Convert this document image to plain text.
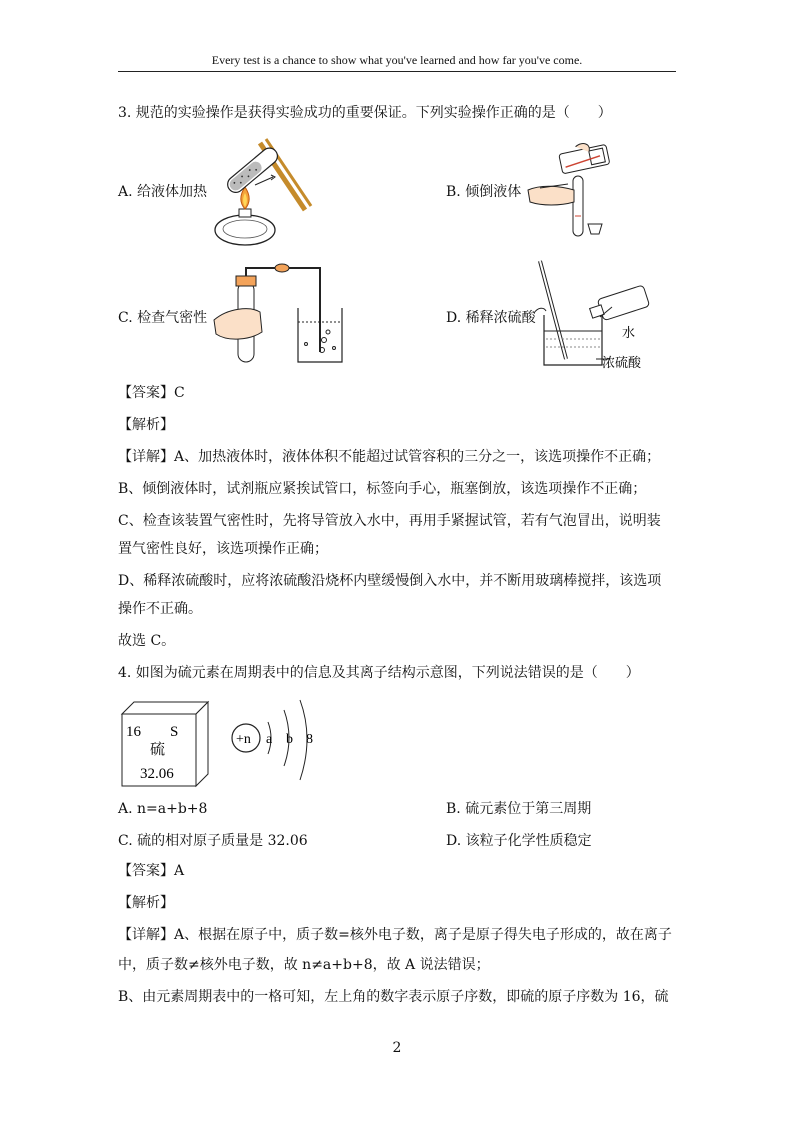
Every test is a chance to show what you've learned and how far you've come.
3. 规范的实验操作是获得实验成功的重要保证。下列实验操作正确的是（　　）
A. 给液体加热	B. 倾倒液体
C. 检查气密性	D. 稀释浓硫酸
水
浓硫酸
【答案】C
【解析】
【详解】A、加热液体时，液体体积不能超过试管容积的三分之一，该选项操作不正确；
B、倾倒液体时，试剂瓶应紧挨试管口，标签向手心，瓶塞倒放，该选项操作不正确；
C、检查该装置气密性时，先将导管放入水中，再用手紧握试管，若有气泡冒出，说明装
置气密性良好，该选项操作正确；
D、稀释浓硫酸时，应将浓硫酸沿烧杯内壁缓慢倒入水中，并不断用玻璃棒搅拌，该选项
操作不正确。
故选 C。
4. 如图为硫元素在周期表中的信息及其离子结构示意图，下列说法错误的是（　　）
16 S
硫
32.06
+n a b 8
A. n=a+b+8	B. 硫元素位于第三周期
C. 硫的相对原子质量是 32.06	D. 该粒子化学性质稳定
【答案】A
【解析】
【详解】A、根据在原子中，质子数=核外电子数，离子是原子得失电子形成的，故在离子
中，质子数≠核外电子数，故 n≠a+b+8，故 A 说法错误；
B、由元素周期表中的一格可知，左上角的数字表示原子序数，即硫的原子序数为 16，硫
2
